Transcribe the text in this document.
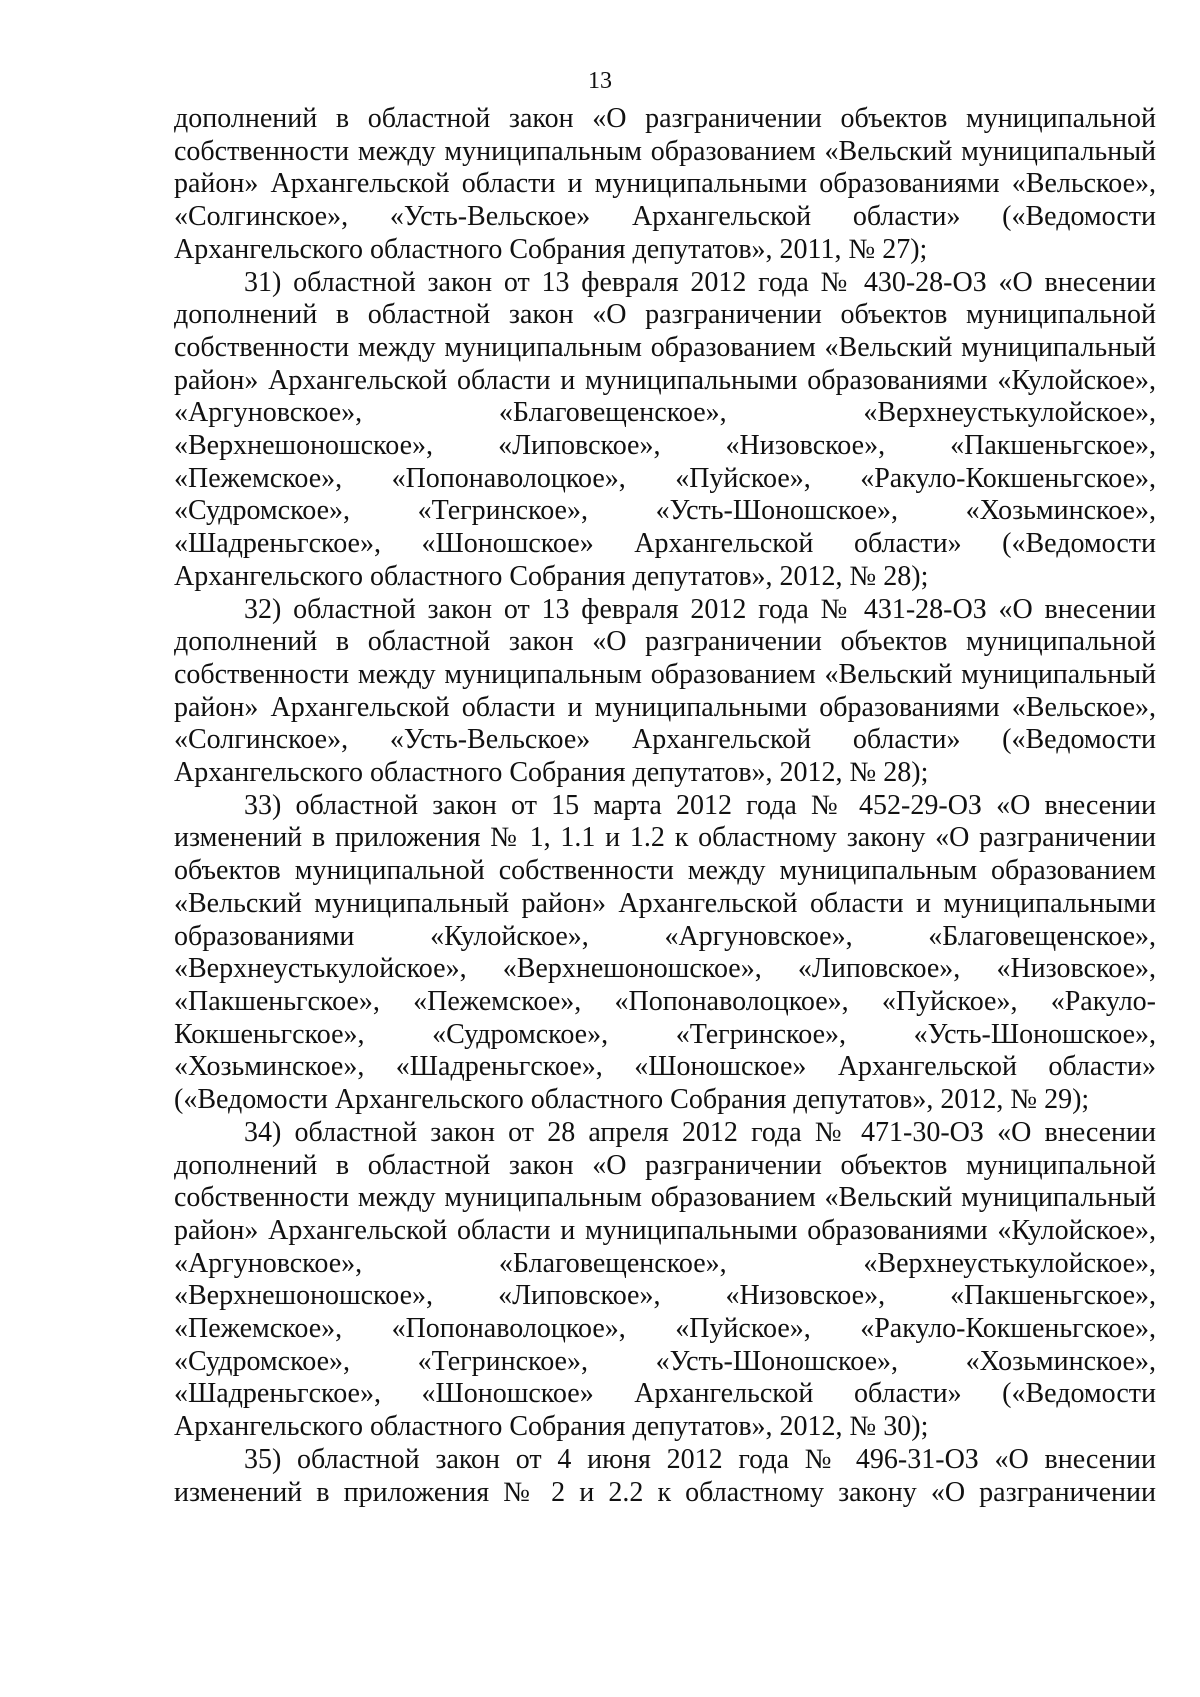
13

дополнений в областной закон «О разграничении объектов муниципальной собственности между муниципальным образованием «Вельский муниципальный район» Архангельской области и муниципальными образованиями «Вельское», «Солгинское», «Усть-Вельское» Архангельской области» («Ведомости Архангельского областного Собрания депутатов», 2011, № 27);

31) областной закон от 13 февраля 2012 года № 430-28-ОЗ «О внесении дополнений в областной закон «О разграничении объектов муниципальной собственности между муниципальным образованием «Вельский муниципальный район» Архангельской области и муниципальными образованиями «Кулойское», «Аргуновское», «Благовещенское», «Верхнеустькулойское», «Верхнешоношское», «Липовское», «Низовское», «Пакшеньгское», «Пежемское», «Попонаволоцкое», «Пуйское», «Ракуло-Кокшеньгское», «Судромское», «Тегринское», «Усть-Шоношское», «Хозьминское», «Шадреньгское», «Шоношское» Архангельской области» («Ведомости Архангельского областного Собрания депутатов», 2012, № 28);

32) областной закон от 13 февраля 2012 года № 431-28-ОЗ «О внесении дополнений в областной закон «О разграничении объектов муниципальной собственности между муниципальным образованием «Вельский муниципальный район» Архангельской области и муниципальными образованиями «Вельское», «Солгинское», «Усть-Вельское» Архангельской области» («Ведомости Архангельского областного Собрания депутатов», 2012, № 28);

33) областной закон от 15 марта 2012 года № 452-29-ОЗ «О внесении изменений в приложения № 1, 1.1 и 1.2 к областному закону «О разграничении объектов муниципальной собственности между муниципальным образованием «Вельский муниципальный район» Архангельской области и муниципальными образованиями «Кулойское», «Аргуновское», «Благовещенское», «Верхнеустькулойское», «Верхнешоношское», «Липовское», «Низовское», «Пакшеньгское», «Пежемское», «Попонаволоцкое», «Пуйское», «Ракуло-Кокшеньгское», «Судромское», «Тегринское», «Усть-Шоношское», «Хозьминское», «Шадреньгское», «Шоношское» Архангельской области» («Ведомости Архангельского областного Собрания депутатов», 2012, № 29);

34) областной закон от 28 апреля 2012 года № 471-30-ОЗ «О внесении дополнений в областной закон «О разграничении объектов муниципальной собственности между муниципальным образованием «Вельский муниципальный район» Архангельской области и муниципальными образованиями «Кулойское», «Аргуновское», «Благовещенское», «Верхнеустькулойское», «Верхнешоношское», «Липовское», «Низовское», «Пакшеньгское», «Пежемское», «Попонаволоцкое», «Пуйское», «Ракуло-Кокшеньгское», «Судромское», «Тегринское», «Усть-Шоношское», «Хозьминское», «Шадреньгское», «Шоношское» Архангельской области» («Ведомости Архангельского областного Собрания депутатов», 2012, № 30);

35) областной закон от 4 июня 2012 года № 496-31-ОЗ «О внесении изменений в приложения № 2 и 2.2 к областному закону «О разграничении
